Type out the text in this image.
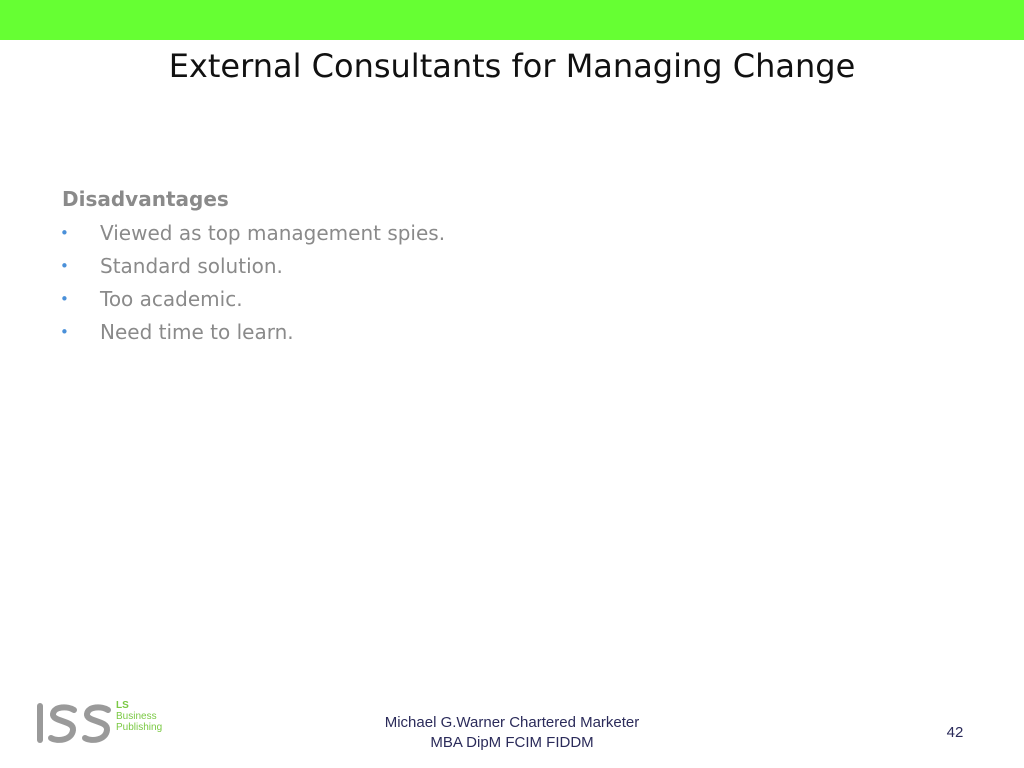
External Consultants for Managing Change
Disadvantages
• Viewed as top management spies.
• Standard solution.
• Too academic.
• Need time to learn.
LS
Business
Publishing	Michael G.Warner Chartered Marketer
MBA DipM FCIM FIDDM
42
